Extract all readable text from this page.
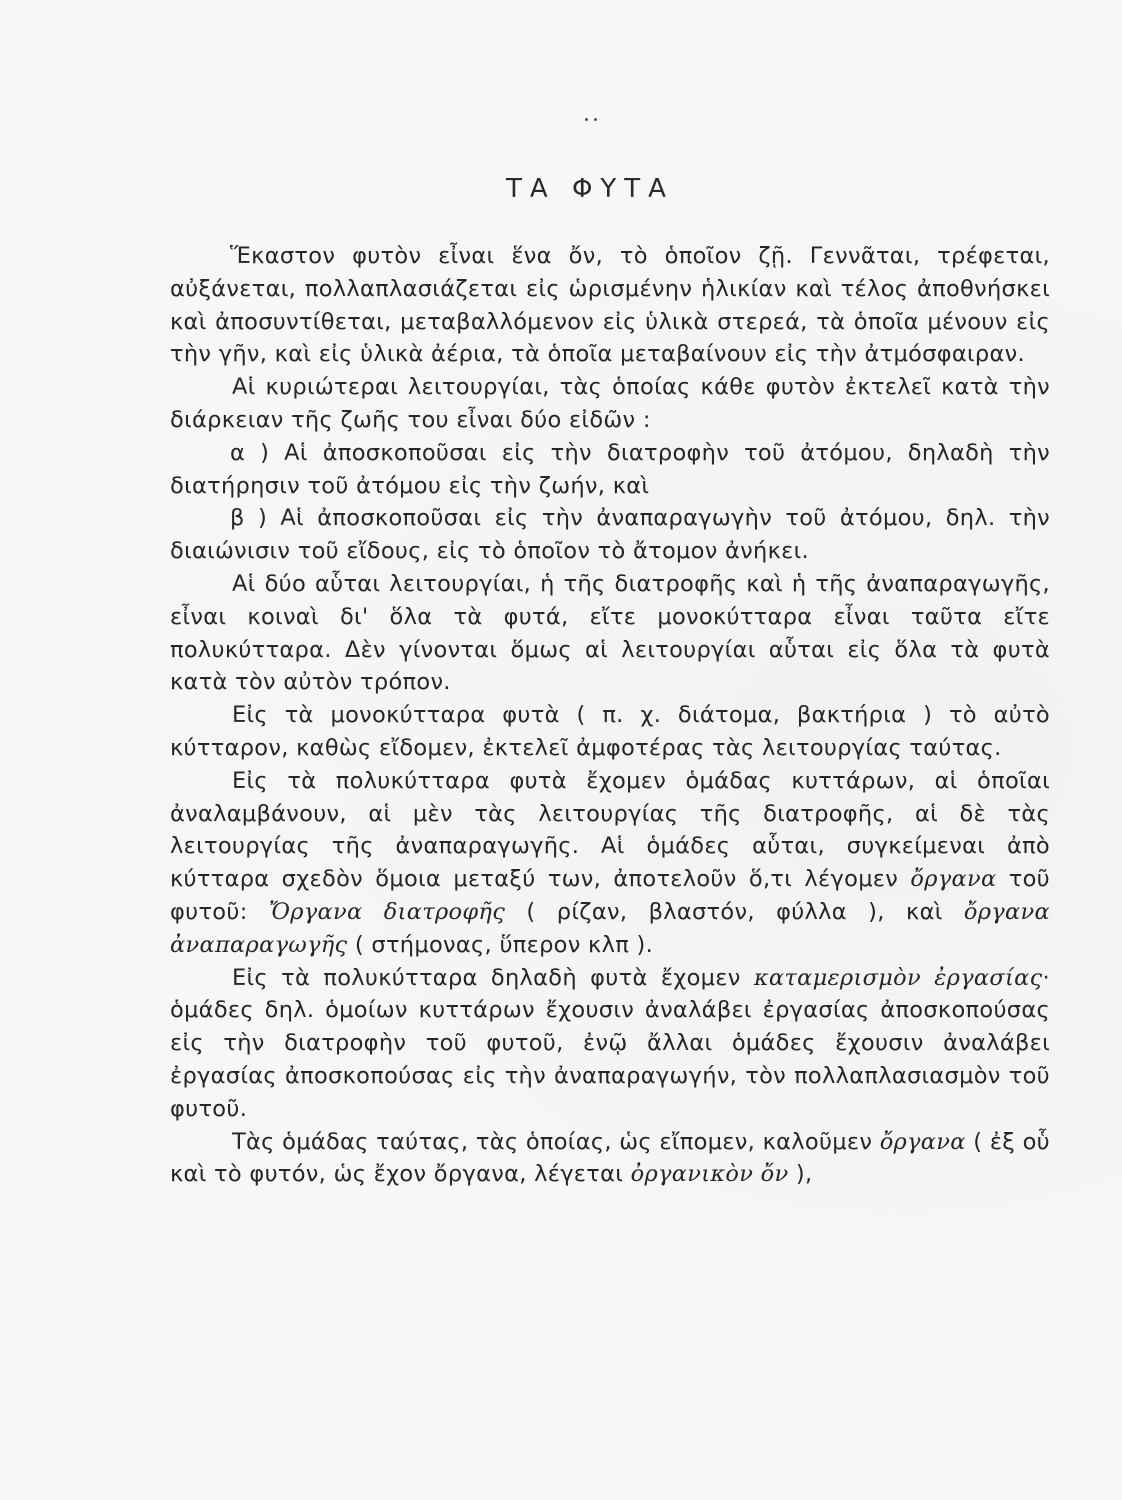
ΤΑ ΦΥΤΑ

Ἕκαστον φυτὸν εἶναι ἕνα ὄν, τὸ ὁποῖον ζῇ. Γεννᾶται, τρέφεται, αὐξάνεται, πολλαπλασιάζεται εἰς ὡρισμένην ἡλικίαν καὶ τέλος ἀποθνήσκει καὶ ἀποσυντίθεται, μεταβαλλόμενον εἰς ὑλικὰ στερεά, τὰ ὁποῖα μένουν εἰς τὴν γῆν, καὶ εἰς ὑλικὰ ἀέρια, τὰ ὁποῖα μεταβαίνουν εἰς τὴν ἀτμόσφαιραν.

Αἱ κυριώτεραι λειτουργίαι, τὰς ὁποίας κάθε φυτὸν ἐκτελεῖ κατὰ τὴν διάρκειαν τῆς ζωῆς του εἶναι δύο εἰδῶν :

α ) Αἱ ἀποσκοποῦσαι εἰς τὴν διατροφὴν τοῦ ἀτόμου, δηλαδὴ τὴν διατήρησιν τοῦ ἀτόμου εἰς τὴν ζωήν, καὶ

β ) Αἱ ἀποσκοποῦσαι εἰς τὴν ἀναπαραγωγὴν τοῦ ἀτόμου, δηλ. τὴν διαιώνισιν τοῦ εἴδους, εἰς τὸ ὁποῖον τὸ ἄτομον ἀνήκει.

Αἱ δύο αὗται λειτουργίαι, ἡ τῆς διατροφῆς καὶ ἡ τῆς ἀναπαραγωγῆς, εἶναι κοιναὶ δι' ὅλα τὰ φυτά, εἴτε μονοκύτταρα εἶναι ταῦτα εἴτε πολυκύτταρα. Δὲν γίνονται ὅμως αἱ λειτουργίαι αὗται εἰς ὅλα τὰ φυτὰ κατὰ τὸν αὐτὸν τρόπον.

Εἰς τὰ μονοκύτταρα φυτὰ ( π. χ. διάτομα, βακτήρια ) τὸ αὐτὸ κύτταρον, καθὼς εἴδομεν, ἐκτελεῖ ἀμφοτέρας τὰς λειτουργίας ταύτας.

Εἰς τὰ πολυκύτταρα φυτὰ ἔχομεν ὁμάδας κυττάρων, αἱ ὁποῖαι ἀναλαμβάνουν, αἱ μὲν τὰς λειτουργίας τῆς διατροφῆς, αἱ δὲ τὰς λειτουργίας τῆς ἀναπαραγωγῆς. Αἱ ὁμάδες αὗται, συγκείμεναι ἀπὸ κύτταρα σχεδὸν ὅμοια μεταξύ των, ἀποτελοῦν ὅ,τι λέγομεν ὄργανα τοῦ φυτοῦ: Ὄργανα διατροφῆς ( ρίζαν, βλαστόν, φύλλα ), καὶ ὄργανα ἀναπαραγωγῆς ( στήμονας, ὕπερον κλπ ).

Εἰς τὰ πολυκύτταρα δηλαδὴ φυτὰ ἔχομεν καταμερισμὸν ἐργασίας· ὁμάδες δηλ. ὁμοίων κυττάρων ἔχουσιν ἀναλάβει ἐργασίας ἀποσκοπούσας εἰς τὴν διατροφὴν τοῦ φυτοῦ, ἐνῷ ἄλλαι ὁμάδες ἔχουσιν ἀναλάβει ἐργασίας ἀποσκοπούσας εἰς τὴν ἀναπαραγωγήν, τὸν πολλαπλασιασμὸν τοῦ φυτοῦ.

Τὰς ὁμάδας ταύτας, τὰς ὁποίας, ὡς εἴπομεν, καλοῦμεν ὄργανα ( ἐξ οὗ καὶ τὸ φυτόν, ὡς ἔχον ὄργανα, λέγεται ὀργανικὸν ὄν ),
